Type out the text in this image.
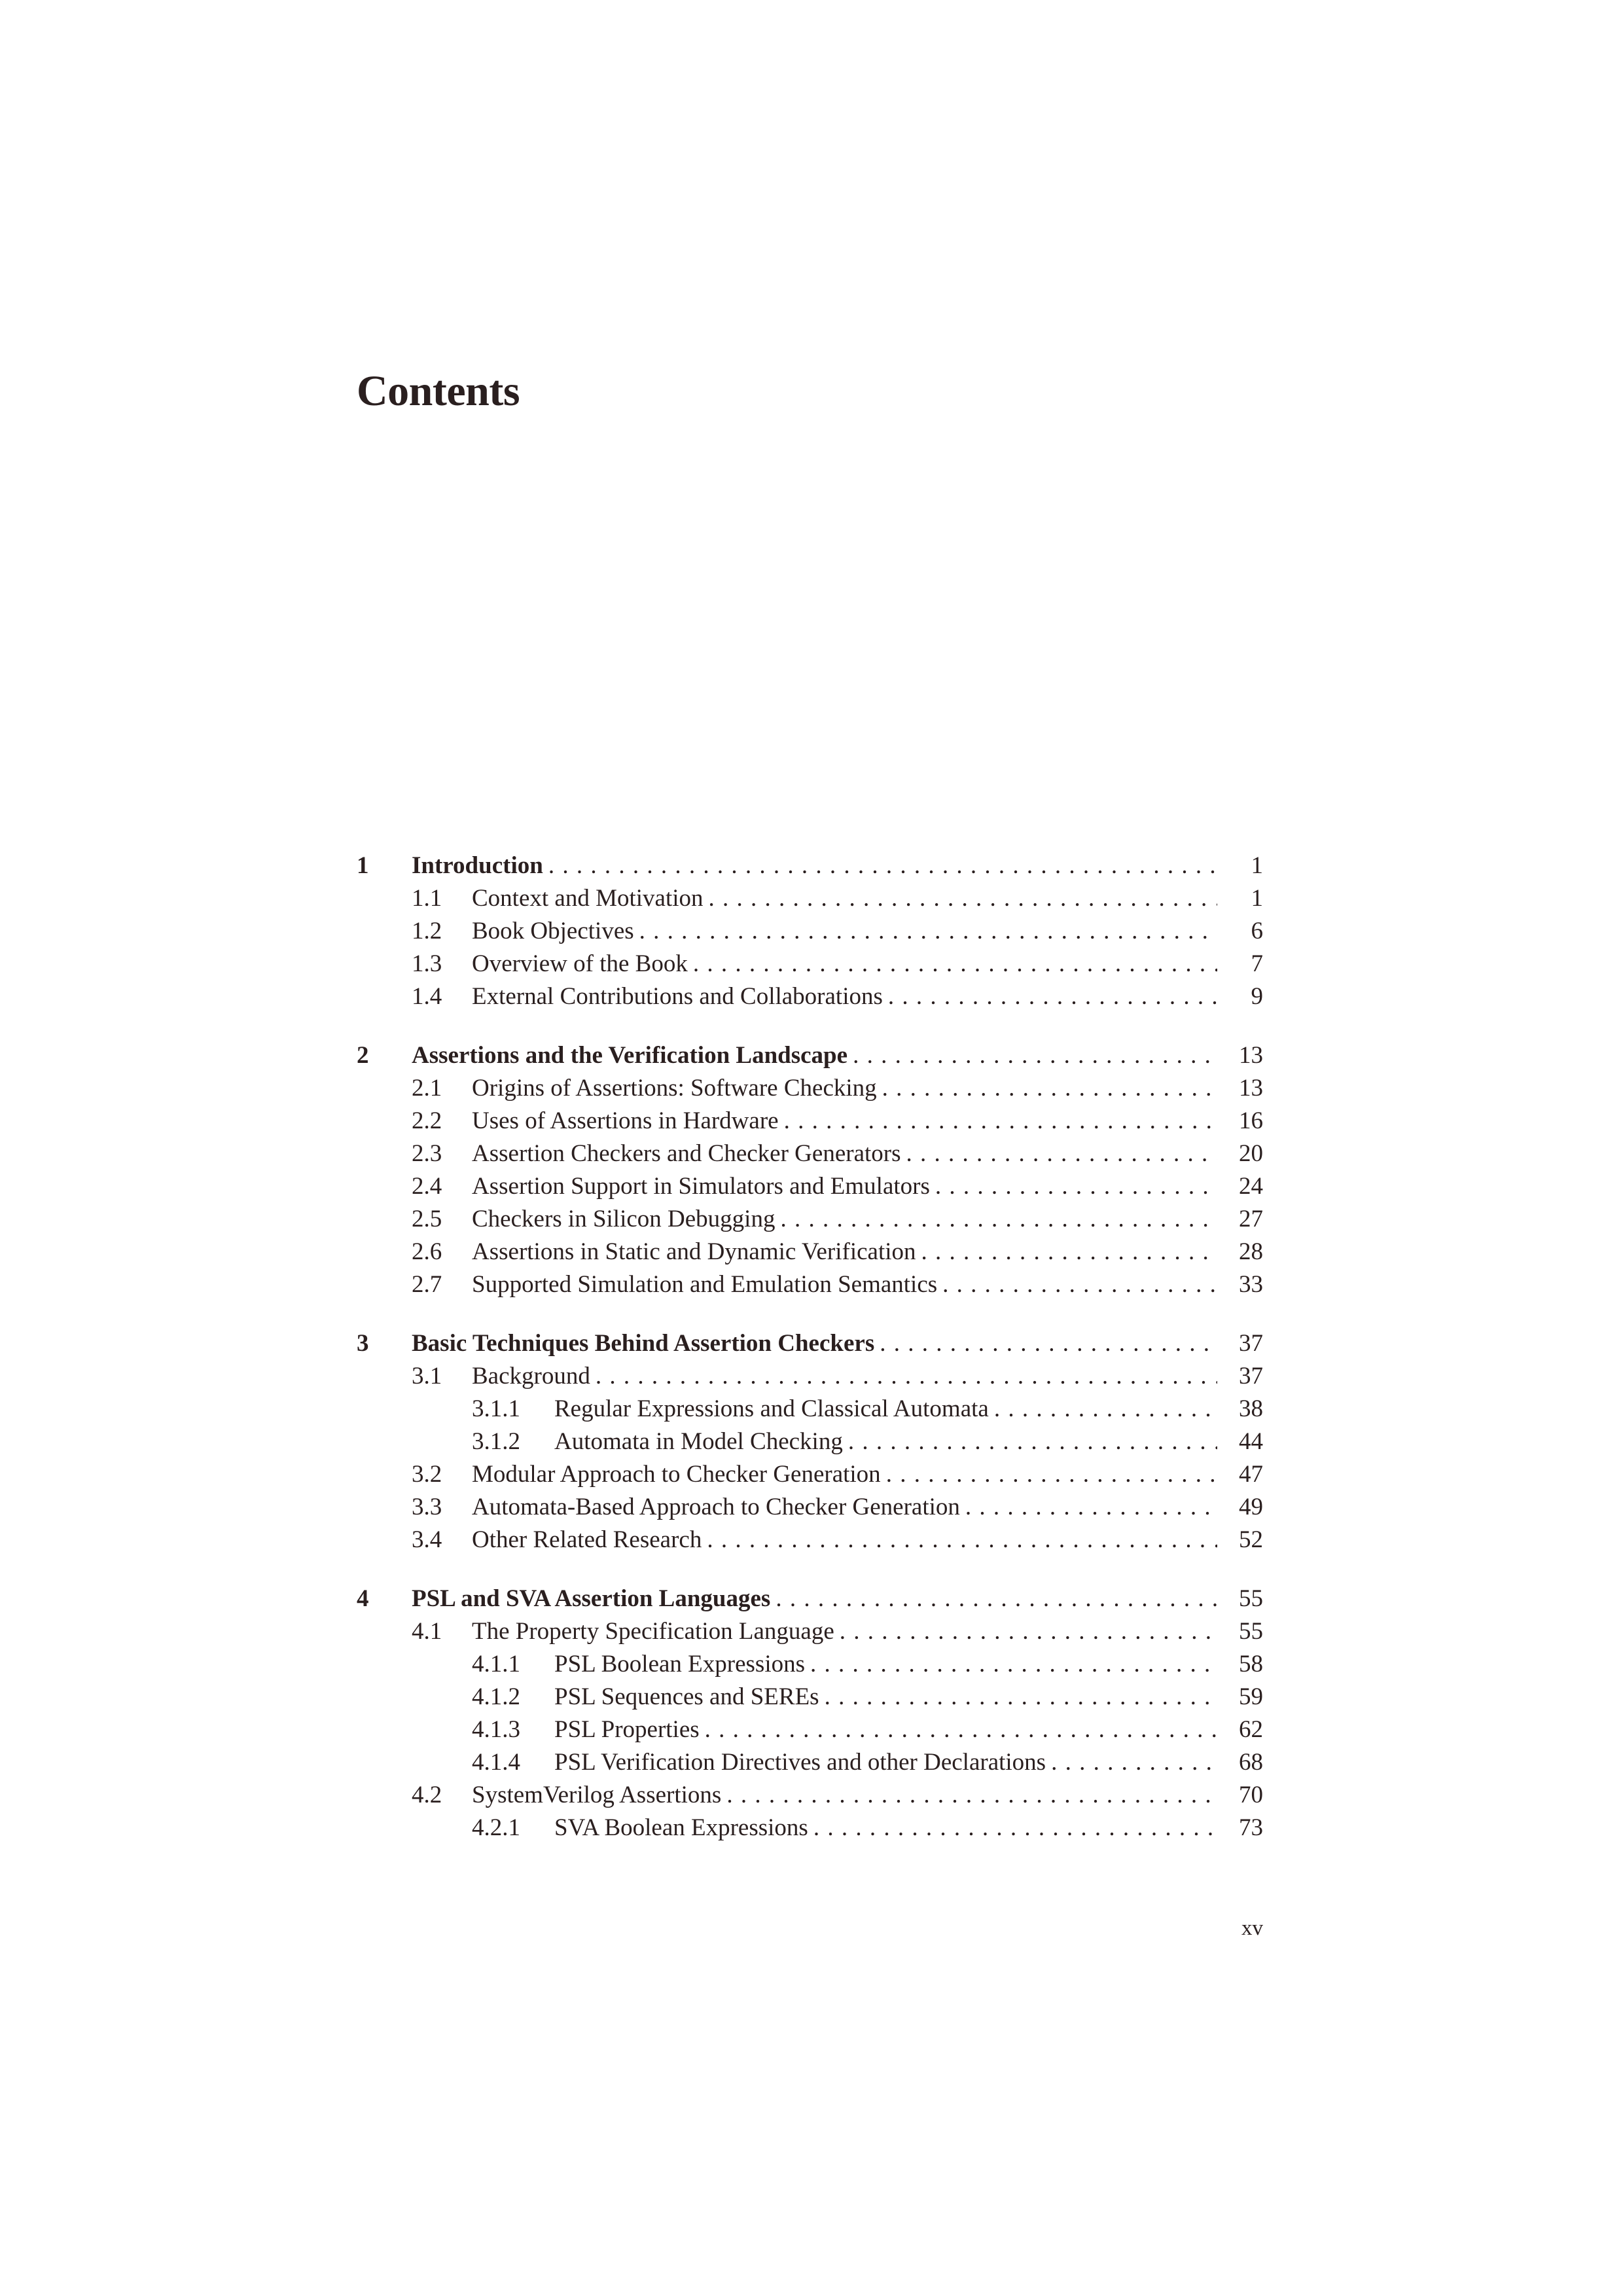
Contents
1	Introduction . . .	1
1.1	Context and Motivation . . .	1
1.2	Book Objectives . . .	6
1.3	Overview of the Book . . .	7
1.4	External Contributions and Collaborations . . .	9
2	Assertions and the Verification Landscape . . .	13
2.1	Origins of Assertions: Software Checking . . .	13
2.2	Uses of Assertions in Hardware . . .	16
2.3	Assertion Checkers and Checker Generators . . .	20
2.4	Assertion Support in Simulators and Emulators . . .	24
2.5	Checkers in Silicon Debugging . . .	27
2.6	Assertions in Static and Dynamic Verification . . .	28
2.7	Supported Simulation and Emulation Semantics . . .	33
3	Basic Techniques Behind Assertion Checkers . . .	37
3.1	Background . . .	37
3.1.1	Regular Expressions and Classical Automata . . .	38
3.1.2	Automata in Model Checking . . .	44
3.2	Modular Approach to Checker Generation . . .	47
3.3	Automata-Based Approach to Checker Generation . . .	49
3.4	Other Related Research . . .	52
4	PSL and SVA Assertion Languages . . .	55
4.1	The Property Specification Language . . .	55
4.1.1	PSL Boolean Expressions . . .	58
4.1.2	PSL Sequences and SEREs . . .	59
4.1.3	PSL Properties . . .	62
4.1.4	PSL Verification Directives and other Declarations . . .	68
4.2	SystemVerilog Assertions . . .	70
4.2.1	SVA Boolean Expressions . . .	73
xv
